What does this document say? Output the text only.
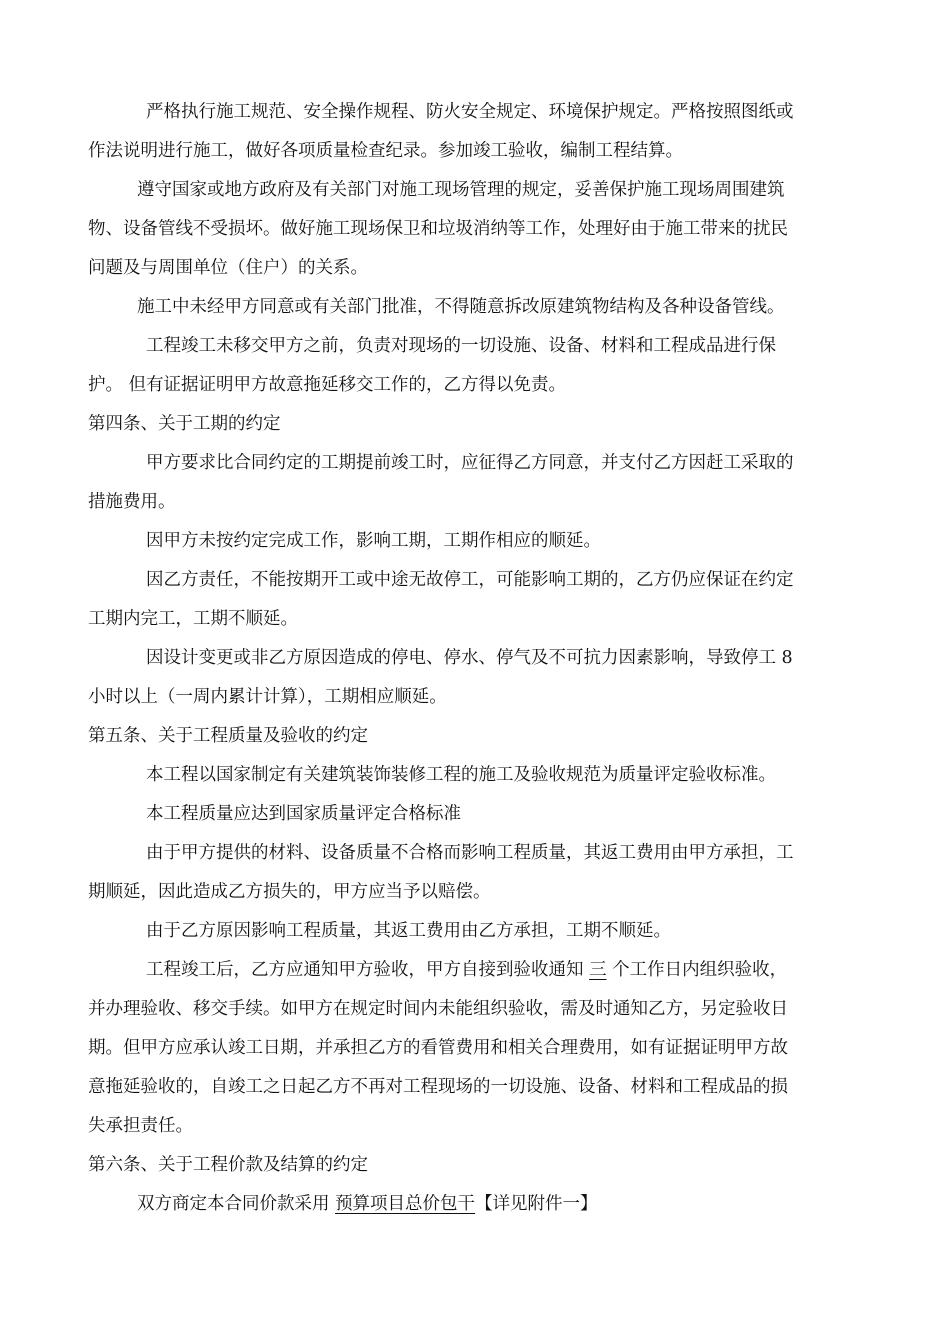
严格执行施工规范、安全操作规程、防火安全规定、环境保护规定。严格按照图纸或

作法说明进行施工，做好各项质量检查纪录。参加竣工验收，编制工程结算。

遵守国家或地方政府及有关部门对施工现场管理的规定，妥善保护施工现场周围建筑

物、设备管线不受损坏。做好施工现场保卫和垃圾消纳等工作，处理好由于施工带来的扰民

问题及与周围单位（住户）的关系。

施工中未经甲方同意或有关部门批准，不得随意拆改原建筑物结构及各种设备管线。

工程竣工未移交甲方之前，负责对现场的一切设施、设备、材料和工程成品进行保

护。 但有证据证明甲方故意拖延移交工作的，乙方得以免责。

第四条、关于工期的约定

甲方要求比合同约定的工期提前竣工时，应征得乙方同意，并支付乙方因赶工采取的

措施费用。

因甲方未按约定完成工作，影响工期，工期作相应的顺延。

因乙方责任，不能按期开工或中途无故停工，可能影响工期的，乙方仍应保证在约定

工期内完工，工期不顺延。

因设计变更或非乙方原因造成的停电、停水、停气及不可抗力因素影响，导致停工 8

小时以上（一周内累计计算），工期相应顺延。

第五条、关于工程质量及验收的约定

本工程以国家制定有关建筑装饰装修工程的施工及验收规范为质量评定验收标准。

本工程质量应达到国家质量评定合格标准

由于甲方提供的材料、设备质量不合格而影响工程质量，其返工费用由甲方承担，工

期顺延，因此造成乙方损失的，甲方应当予以赔偿。

由于乙方原因影响工程质量，其返工费用由乙方承担，工期不顺延。

工程竣工后，乙方应通知甲方验收，甲方自接到验收通知 三 个工作日内组织验收，

并办理验收、移交手续。如甲方在规定时间内未能组织验收，需及时通知乙方，另定验收日

期。但甲方应承认竣工日期，并承担乙方的看管费用和相关合理费用，如有证据证明甲方故

意拖延验收的，自竣工之日起乙方不再对工程现场的一切设施、设备、材料和工程成品的损

失承担责任。

第六条、关于工程价款及结算的约定

双方商定本合同价款采用 预算项目总价包干【详见附件一】
